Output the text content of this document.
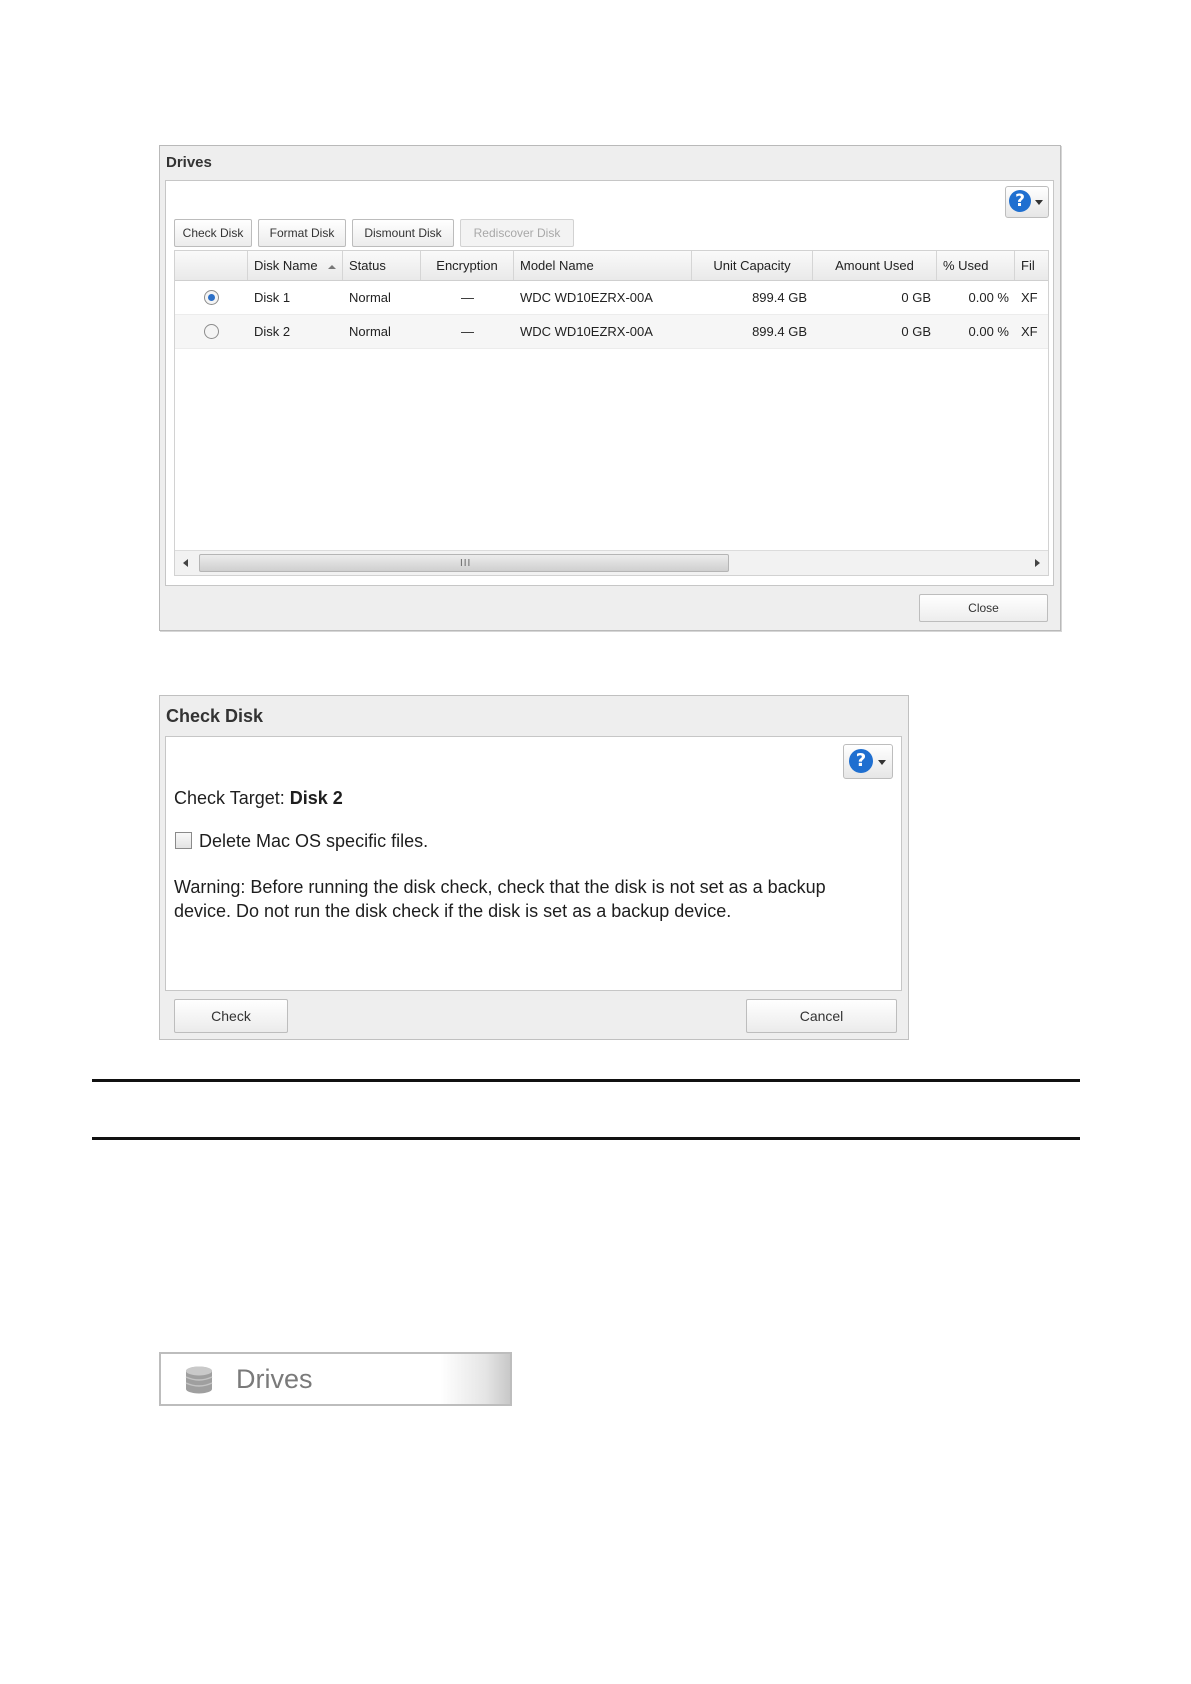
Drives
?
Check Disk	Format Disk	Dismount Disk	Rediscover Disk
Disk Name	Status	Encryption	Model Name	Unit Capacity	Amount Used	% Used	Fil
Disk 1	Normal	—	WDC WD10EZRX-00A	899.4 GB	0 GB	0.00 % XF
Disk 2	Normal	—	WDC WD10EZRX-00A	899.4 GB	0 GB	0.00 % XF
III
Close
Check Disk
?
Check Target: Disk 2
Delete Mac OS specific files.
Warning: Before running the disk check, check that the disk is not set as a backup
device. Do not run the disk check if the disk is set as a backup device.
Check	Cancel
Drives
